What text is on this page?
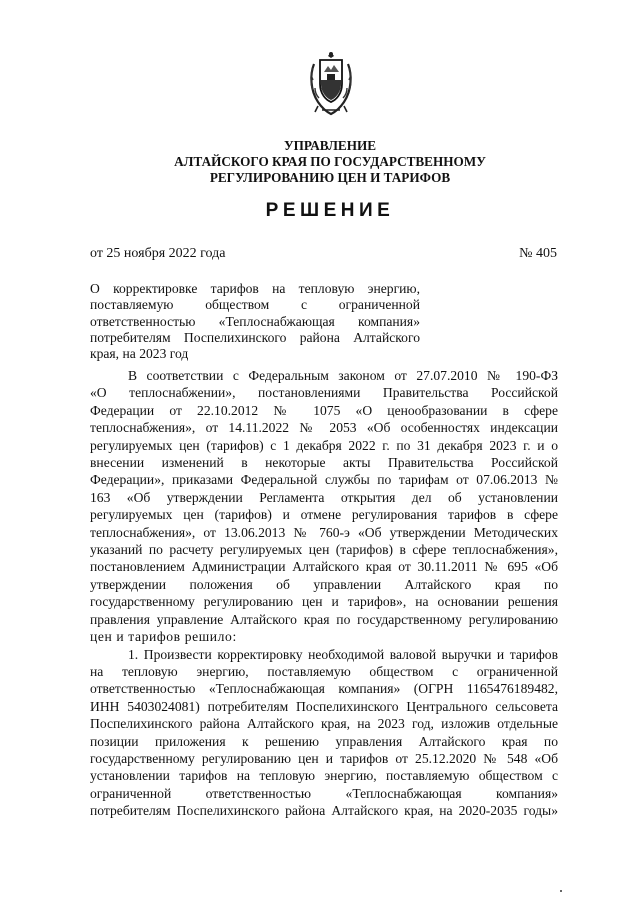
УПРАВЛЕНИЕ
АЛТАЙСКОГО КРАЯ ПО ГОСУДАРСТВЕННОМУ
РЕГУЛИРОВАНИЮ ЦЕН И ТАРИФОВ
РЕШЕНИЕ
от 25 ноября 2022 года	№ 405
О корректировке тарифов на тепловую энергию,
поставляемую обществом с ограниченной
ответственностью «Теплоснабжающая компания»
потребителям Поспелихинского района Алтайского
края, на 2023 год
В соответствии с Федеральным законом от 27.07.2010 № 190-ФЗ
«О теплоснабжении», постановлениями Правительства Российской
Федерации от 22.10.2012 № 1075 «О ценообразовании в сфере
теплоснабжения», от 14.11.2022 № 2053 «Об особенностях индексации
регулируемых цен (тарифов) с 1 декабря 2022 г. по 31 декабря 2023 г. и о
внесении изменений в некоторые акты Правительства Российской
Федерации», приказами Федеральной службы по тарифам от 07.06.2013 №
163 «Об утверждении Регламента открытия дел об установлении
регулируемых цен (тарифов) и отмене регулирования тарифов в сфере
теплоснабжения», от 13.06.2013 № 760-э «Об утверждении Методических
указаний по расчету регулируемых цен (тарифов) в сфере теплоснабжения»,
постановлением Администрации Алтайского края от 30.11.2011 № 695 «Об
утверждении положения об управлении Алтайского края по
государственному регулированию цен и тарифов», на основании решения
правления управление Алтайского края по государственному регулированию
цен и тарифов решило:
1. Произвести корректировку необходимой валовой выручки и тарифов
на тепловую энергию, поставляемую обществом с ограниченной
ответственностью «Теплоснабжающая компания» (ОГРН 1165476189482,
ИНН 5403024081) потребителям Поспелихинского Центрального сельсовета
Поспелихинского района Алтайского края, на 2023 год, изложив отдельные
позиции приложения к решению управления Алтайского края по
государственному регулированию цен и тарифов от 25.12.2020 № 548 «Об
установлении тарифов на тепловую энергию, поставляемую обществом с
ограниченной ответственностью «Теплоснабжающая компания»
потребителям Поспелихинского района Алтайского края, на 2020-2035 годы»
